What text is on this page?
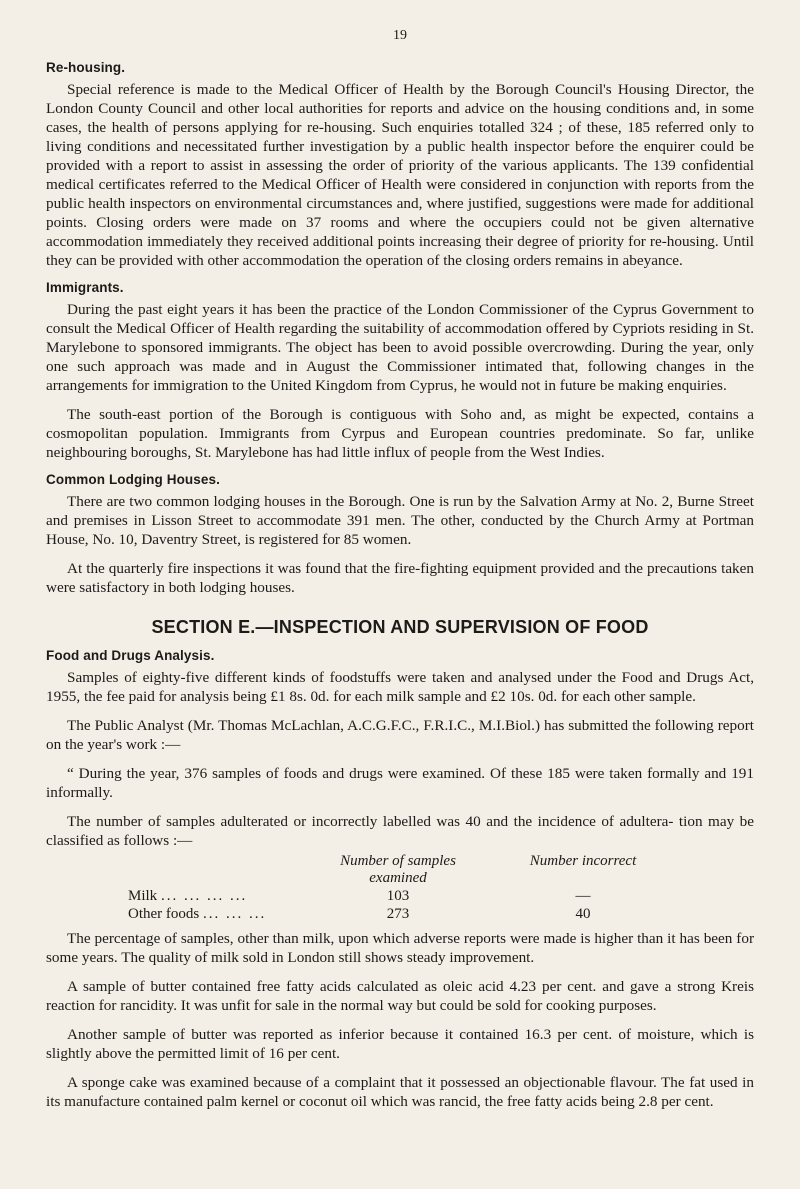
19
Re-housing.

Special reference is made to the Medical Officer of Health by the Borough Council's Housing Director, the London County Council and other local authorities for reports and advice on the housing conditions and, in some cases, the health of persons applying for re-housing. Such enquiries totalled 324 ; of these, 185 referred only to living conditions and necessitated further investigation by a public health inspector before the enquirer could be provided with a report to assist in assessing the order of priority of the various applicants. The 139 confidential medical certificates referred to the Medical Officer of Health were considered in conjunction with reports from the public health inspectors on environmental circumstances and, where justified, suggestions were made for additional points. Closing orders were made on 37 rooms and where the occupiers could not be given alternative accommodation immediately they received additional points increasing their degree of priority for re-housing. Until they can be provided with other accommodation the operation of the closing orders remains in abeyance.

Immigrants.

During the past eight years it has been the practice of the London Commissioner of the Cyprus Government to consult the Medical Officer of Health regarding the suitability of accommodation offered by Cypriots residing in St. Marylebone to sponsored immigrants. The object has been to avoid possible overcrowding. During the year, only one such approach was made and in August the Commissioner intimated that, following changes in the arrangements for immigration to the United Kingdom from Cyprus, he would not in future be making enquiries.

The south-east portion of the Borough is contiguous with Soho and, as might be expected, contains a cosmopolitan population. Immigrants from Cyrpus and European countries predominate. So far, unlike neighbouring boroughs, St. Marylebone has had little influx of people from the West Indies.

Common Lodging Houses.

There are two common lodging houses in the Borough. One is run by the Salvation Army at No. 2, Burne Street and premises in Lisson Street to accommodate 391 men. The other, conducted by the Church Army at Portman House, No. 10, Daventry Street, is registered for 85 women.

At the quarterly fire inspections it was found that the fire-fighting equipment provided and the precautions taken were satisfactory in both lodging houses.

SECTION E.—INSPECTION AND SUPERVISION OF FOOD
Food and Drugs Analysis.

Samples of eighty-five different kinds of foodstuffs were taken and analysed under the Food and Drugs Act, 1955, the fee paid for analysis being £1 8s. 0d. for each milk sample and £2 10s. 0d. for each other sample.

The Public Analyst (Mr. Thomas McLachlan, A.C.G.F.C., F.R.I.C., M.I.Biol.) has submitted the following report on the year's work :—

“ During the year, 376 samples of foods and drugs were examined. Of these 185 were taken formally and 191 informally.

The number of samples adulterated or incorrectly labelled was 40 and the incidence of adultera- tion may be classified as follows :—

	Number of samples examined	Number incorrect
Milk ... ... ... ...	103	—
Other foods ... ... ...	273	40

The percentage of samples, other than milk, upon which adverse reports were made is higher than it has been for some years. The quality of milk sold in London still shows steady improvement.

A sample of butter contained free fatty acids calculated as oleic acid 4.23 per cent. and gave a strong Kreis reaction for rancidity. It was unfit for sale in the normal way but could be sold for cooking purposes.

Another sample of butter was reported as inferior because it contained 16.3 per cent. of moisture, which is slightly above the permitted limit of 16 per cent.

A sponge cake was examined because of a complaint that it possessed an objectionable flavour. The fat used in its manufacture contained palm kernel or coconut oil which was rancid, the free fatty acids being 2.8 per cent.
